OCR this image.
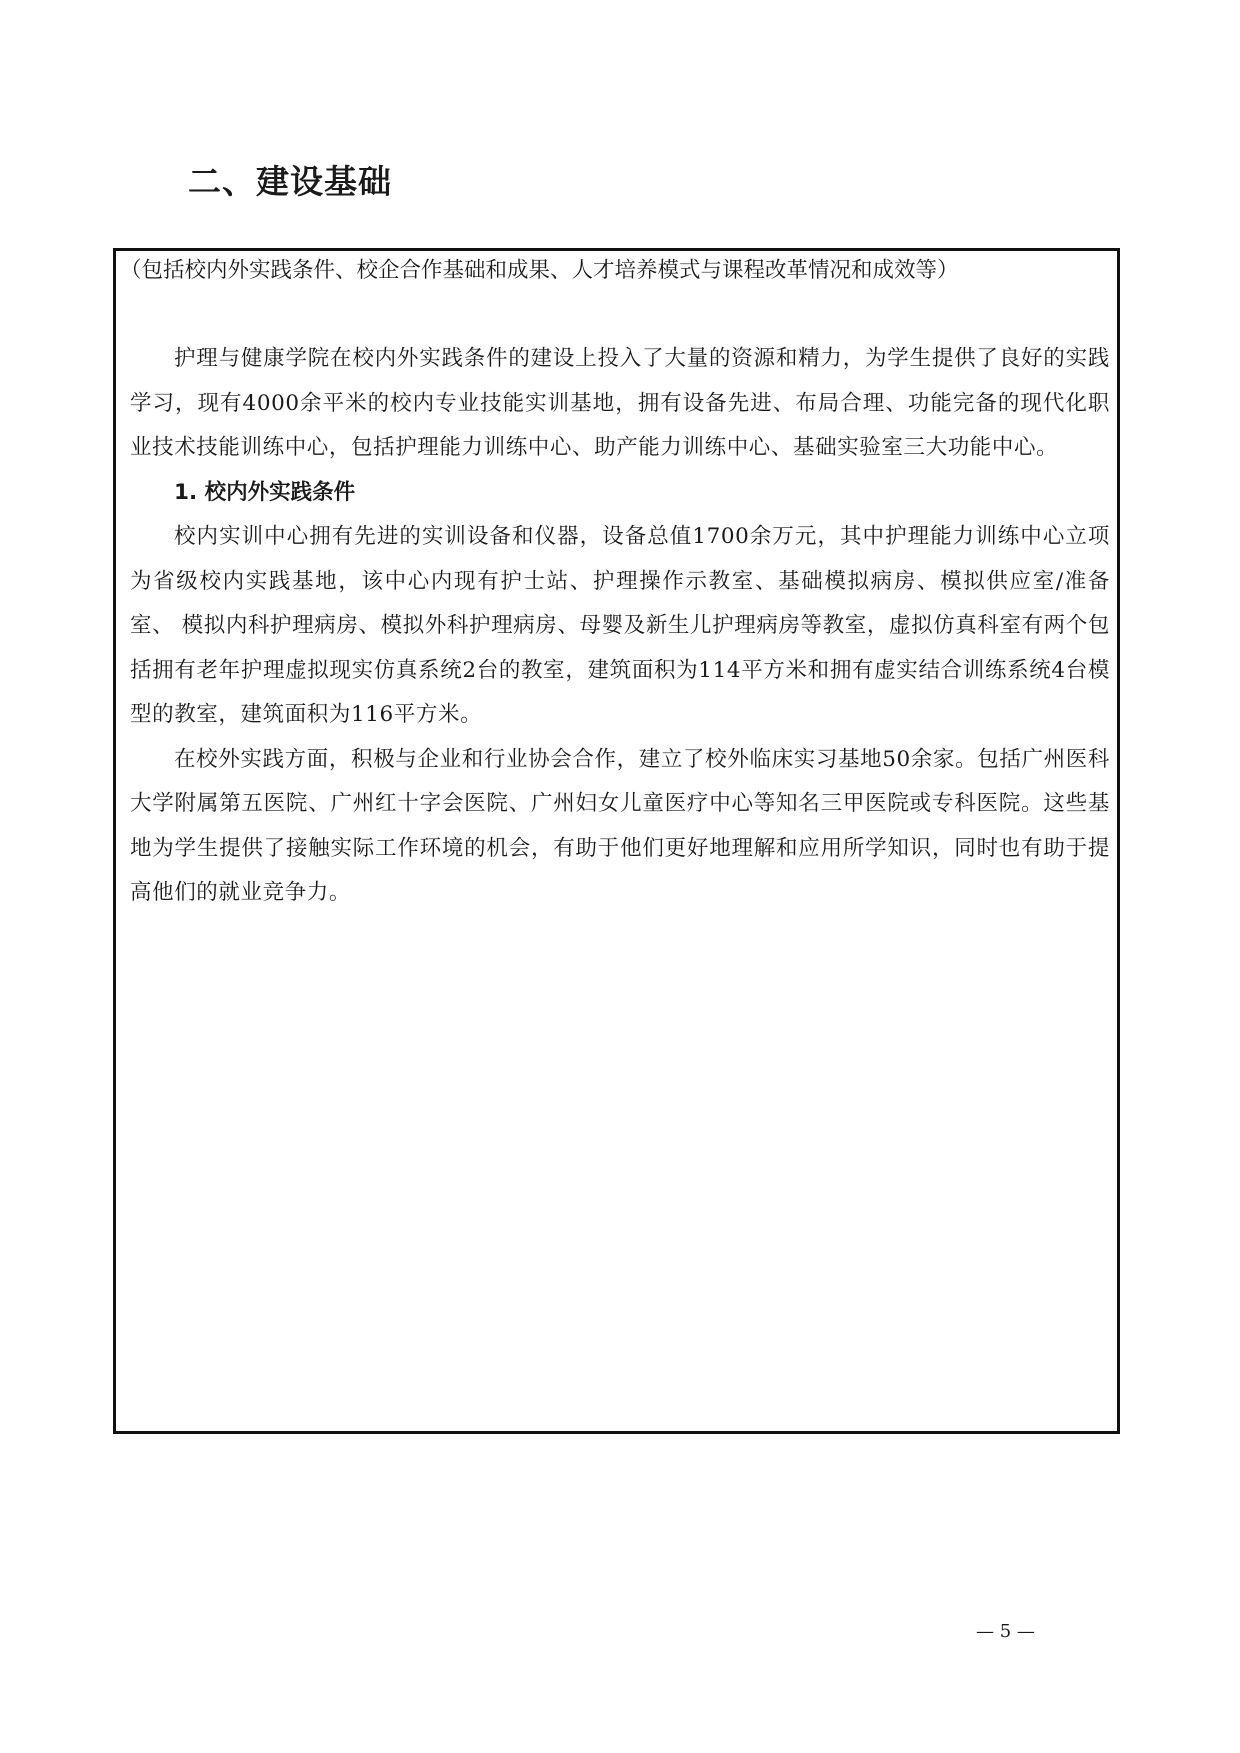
二、建设基础

（包括校内外实践条件、校企合作基础和成果、人才培养模式与课程改革情况和成效等）

护理与健康学院在校内外实践条件的建设上投入了大量的资源和精力，为学生提供了良好的实践学习，现有4000余平米的校内专业技能实训基地，拥有设备先进、布局合理、功能完备的现代化职业技术技能训练中心，包括护理能力训练中心、助产能力训练中心、基础实验室三大功能中心。

1. 校内外实践条件

校内实训中心拥有先进的实训设备和仪器，设备总值1700余万元，其中护理能力训练中心立项为省级校内实践基地，该中心内现有护士站、护理操作示教室、基础模拟病房、模拟供应室/准备室、 模拟内科护理病房、模拟外科护理病房、母婴及新生儿护理病房等教室，虚拟仿真科室有两个包括拥有老年护理虚拟现实仿真系统2台的教室，建筑面积为114平方米和拥有虚实结合训练系统4台模型的教室，建筑面积为116平方米。

在校外实践方面，积极与企业和行业协会合作，建立了校外临床实习基地50余家。包括广州医科大学附属第五医院、广州红十字会医院、广州妇女儿童医疗中心等知名三甲医院或专科医院。这些基地为学生提供了接触实际工作环境的机会，有助于他们更好地理解和应用所学知识，同时也有助于提高他们的就业竞争力。

— 5 —
